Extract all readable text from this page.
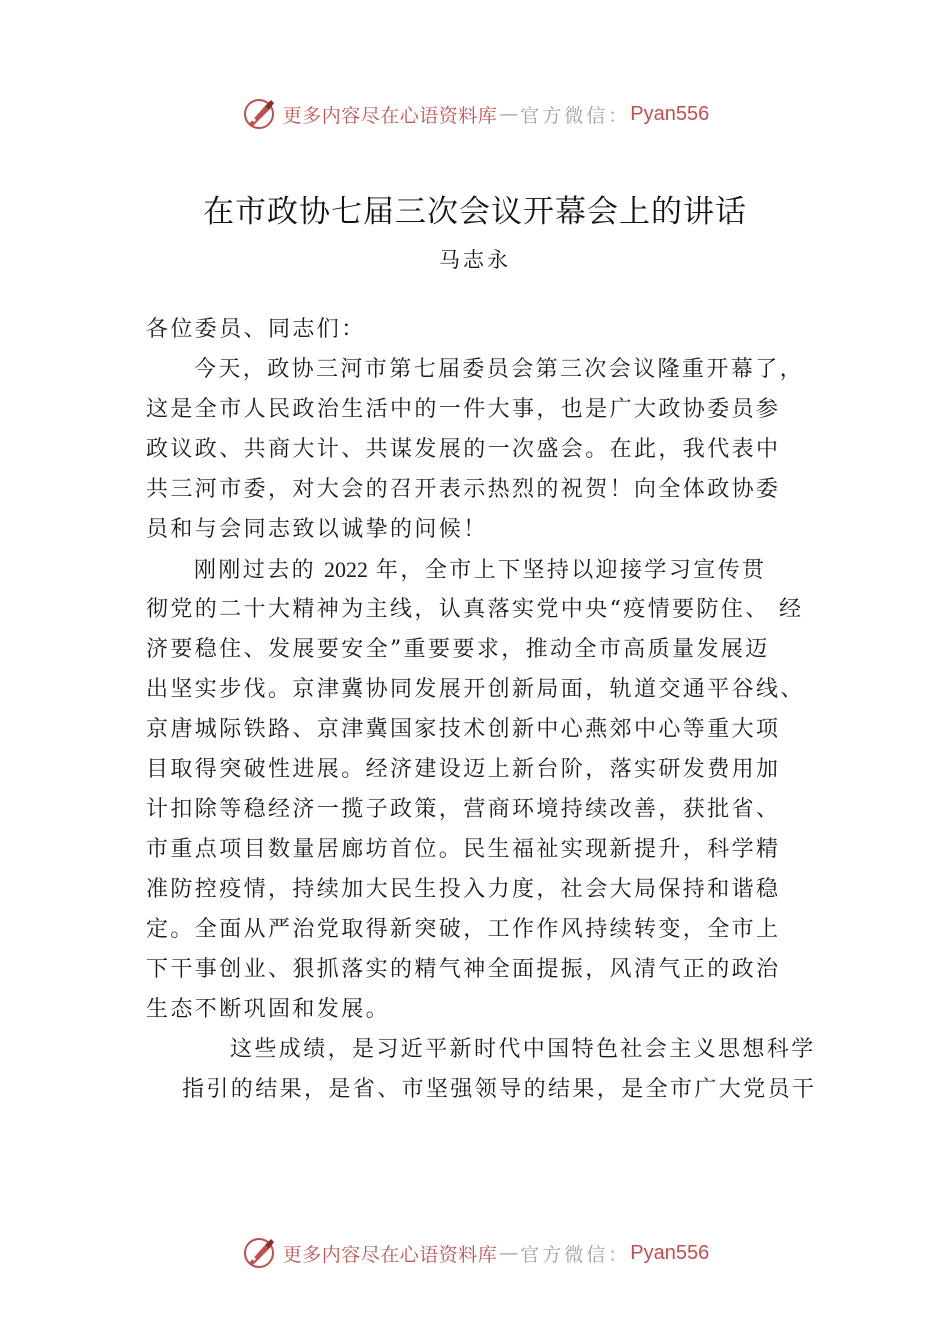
更多内容尽在心语资料库 — 官方微信： Pyan556
在市政协七届三次会议开幕会上的讲话
马志永
各位委员、同志们：
今天，政协三河市第七届委员会第三次会议隆重开幕了，
这是全市人民政治生活中的一件大事，也是广大政协委员参
政议政、共商大计、共谋发展的一次盛会。在此，我代表中
共三河市委，对大会的召开表示热烈的祝贺！向全体政协委
员和与会同志致以诚挚的问候！
刚刚过去的 2022 年，全市上下坚持以迎接学习宣传贯
彻党的二十大精神为主线，认真落实党中央“疫情要防住、 经
济要稳住、发展要安全”重要要求，推动全市高质量发展迈
出坚实步伐。京津冀协同发展开创新局面，轨道交通平谷线、
京唐城际铁路、京津冀国家技术创新中心燕郊中心等重大项
目取得突破性进展。经济建设迈上新台阶，落实研发费用加
计扣除等稳经济一揽子政策，营商环境持续改善，获批省、
市重点项目数量居廊坊首位。民生福祉实现新提升，科学精
准防控疫情，持续加大民生投入力度，社会大局保持和谐稳
定。全面从严治党取得新突破，工作作风持续转变，全市上
下干事创业、狠抓落实的精气神全面提振，风清气正的政治
生态不断巩固和发展。
这些成绩，是习近平新时代中国特色社会主义思想科学
指引的结果，是省、市坚强领导的结果，是全市广大党员干
更多内容尽在心语资料库 — 官方微信： Pyan556
